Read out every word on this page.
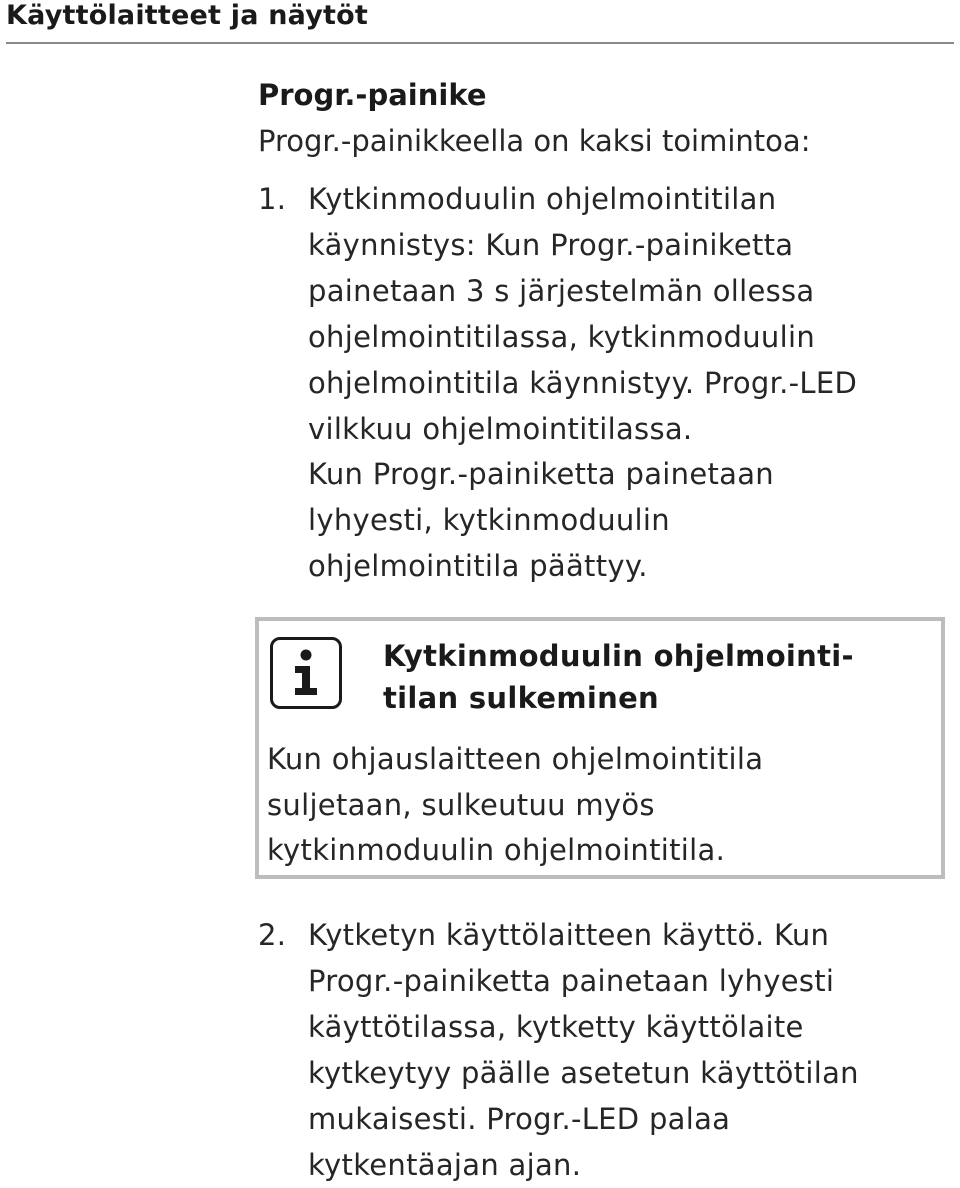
Käyttölaitteet ja näytöt
Progr.-painike
Progr.-painikkeella on kaksi toimintoa:
1. Kytkinmoduulin ohjelmointitilan
käynnistys: Kun Progr.-painiketta
painetaan 3 s järjestelmän ollessa
ohjelmointitilassa, kytkinmoduulin
ohjelmointitila käynnistyy. Progr.-LED
vilkkuu ohjelmointitilassa.
Kun Progr.-painiketta painetaan
lyhyesti, kytkinmoduulin
ohjelmointitila päättyy.
Kytkinmoduulin ohjelmointi-
tilan sulkeminen
Kun ohjauslaitteen ohjelmointitila
suljetaan, sulkeutuu myös
kytkinmoduulin ohjelmointitila.
2. Kytketyn käyttölaitteen käyttö. Kun
Progr.-painiketta painetaan lyhyesti
käyttötilassa, kytketty käyttölaite
kytkeytyy päälle asetetun käyttötilan
mukaisesti. Progr.-LED palaa
kytkentäajan ajan.
